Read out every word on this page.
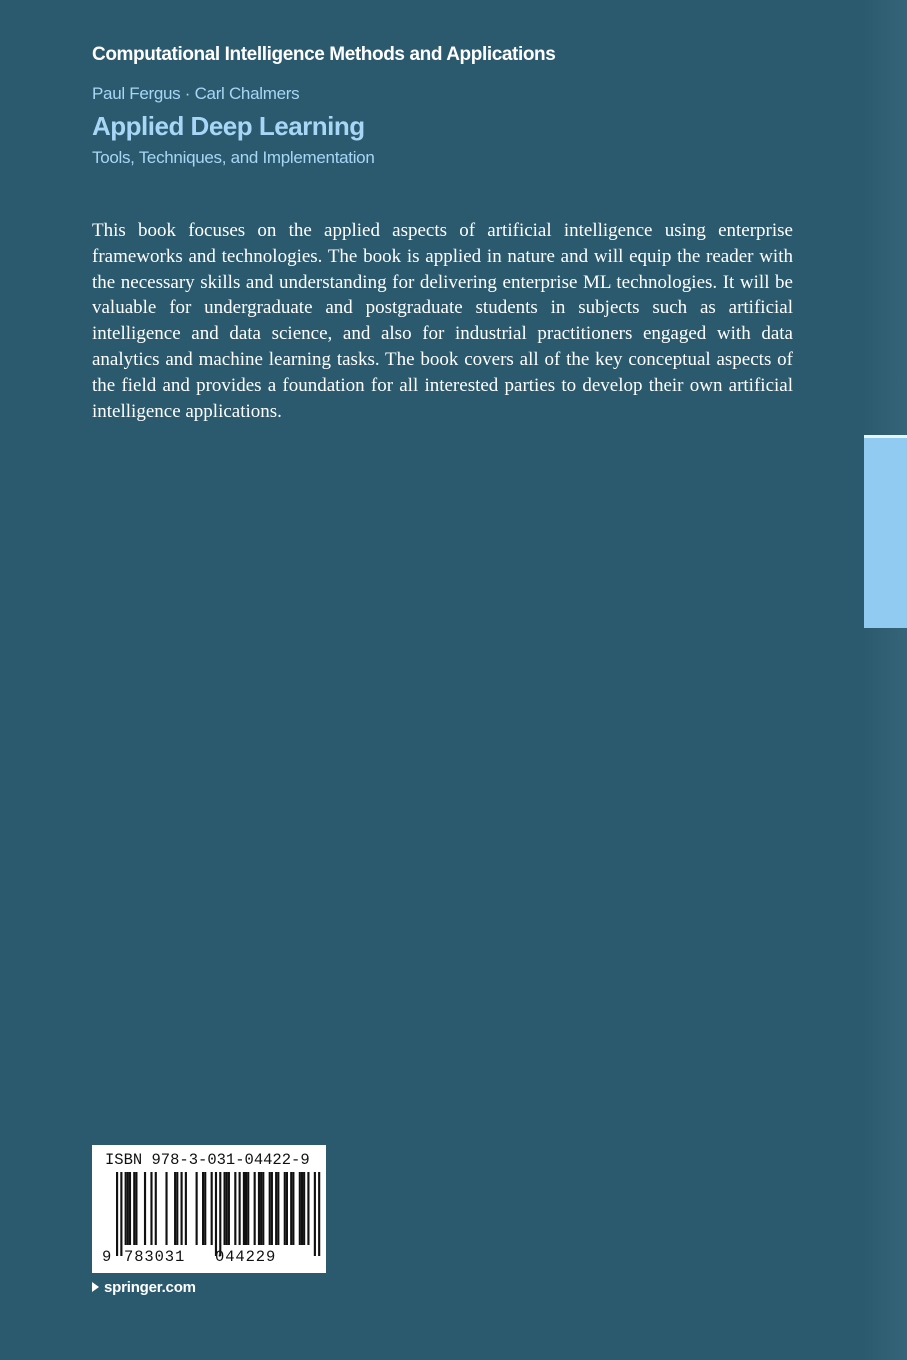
Computational Intelligence Methods and Applications
Paul Fergus · Carl Chalmers
Applied Deep Learning
Tools, Techniques, and Implementation

This book focuses on the applied aspects of artificial intelligence using enterprise frameworks and technologies. The book is applied in nature and will equip the reader with the necessary skills and understanding for delivering enterprise ML technologies. It will be valuable for undergraduate and postgraduate students in subjects such as artificial intelligence and data science, and also for industrial practitioners engaged with data analytics and machine learning tasks. The book covers all of the key conceptual aspects of the field and provides a foundation for all interested parties to develop their own artificial intelligence applications.

ISBN 978-3-031-04422-9
9 783031 044229
springer.com
